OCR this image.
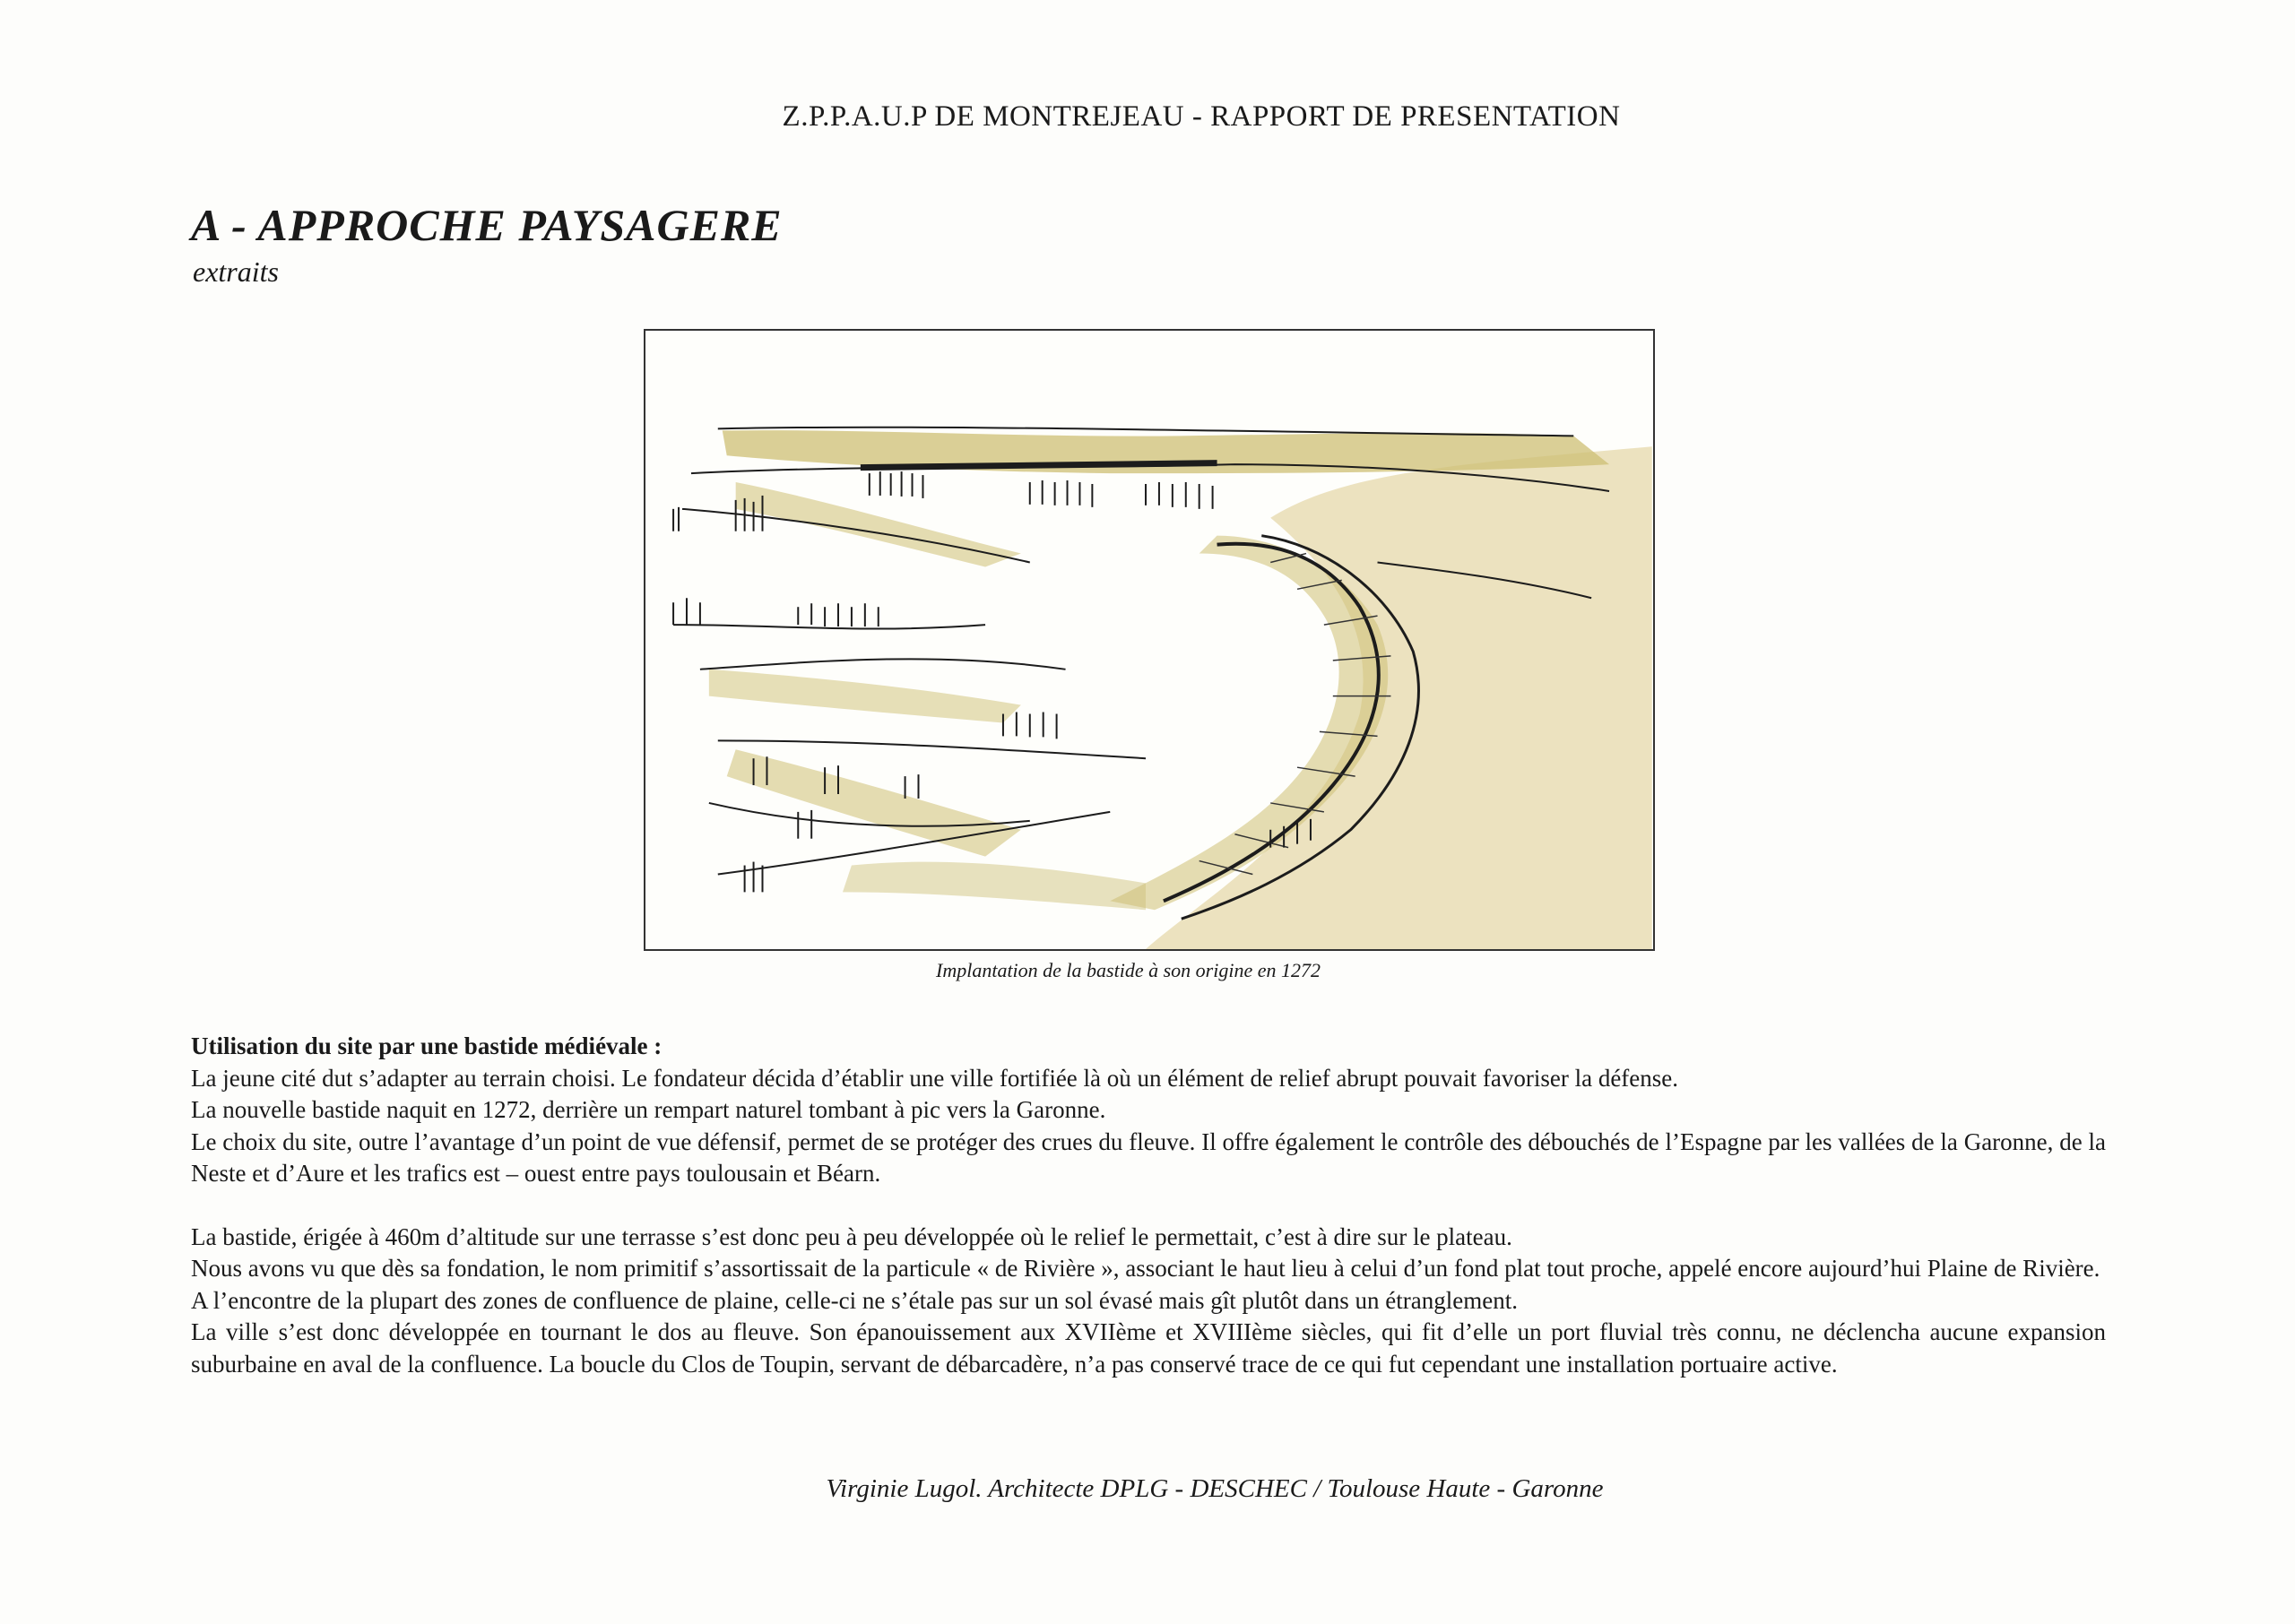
Z.P.P.A.U.P DE MONTREJEAU - RAPPORT DE PRESENTATION
A - APPROCHE PAYSAGERE
extraits
Implantation de la bastide à son origine en 1272

Utilisation du site par une bastide médiévale :

La jeune cité dut s’adapter au terrain choisi. Le fondateur décida d’établir une ville fortifiée là où un élément de relief abrupt pouvait favoriser la défense.

La nouvelle bastide naquit en 1272, derrière un rempart naturel tombant à pic vers la Garonne.

Le choix du site, outre l’avantage d’un point de vue défensif, permet de se protéger des crues du fleuve. Il offre également le contrôle des débouchés de l’Espagne par les vallées de la Garonne, de la Neste et d’Aure et les trafics est – ouest entre pays toulousain et Béarn.

La bastide, érigée à 460m d’altitude sur une terrasse s’est donc peu à peu développée où le relief le permettait, c’est à dire sur le plateau.

Nous avons vu que dès sa fondation, le nom primitif s’assortissait de la particule « de Rivière », associant le haut lieu à celui d’un fond plat tout proche, appelé encore aujourd’hui Plaine de Rivière.

A l’encontre de la plupart des zones de confluence de plaine, celle-ci ne s’étale pas sur un sol évasé mais gît plutôt dans un étranglement.

La ville s’est donc développée en tournant le dos au fleuve. Son épanouissement aux XVIIème et XVIIIème siècles, qui fit d’elle un port fluvial très connu, ne déclencha aucune expansion suburbaine en aval de la confluence. La boucle du Clos de Toupin, servant de débarcadère, n’a pas conservé trace de ce qui fut cependant une installation portuaire active.

Virginie Lugol. Architecte DPLG - DESCHEC / Toulouse Haute - Garonne
